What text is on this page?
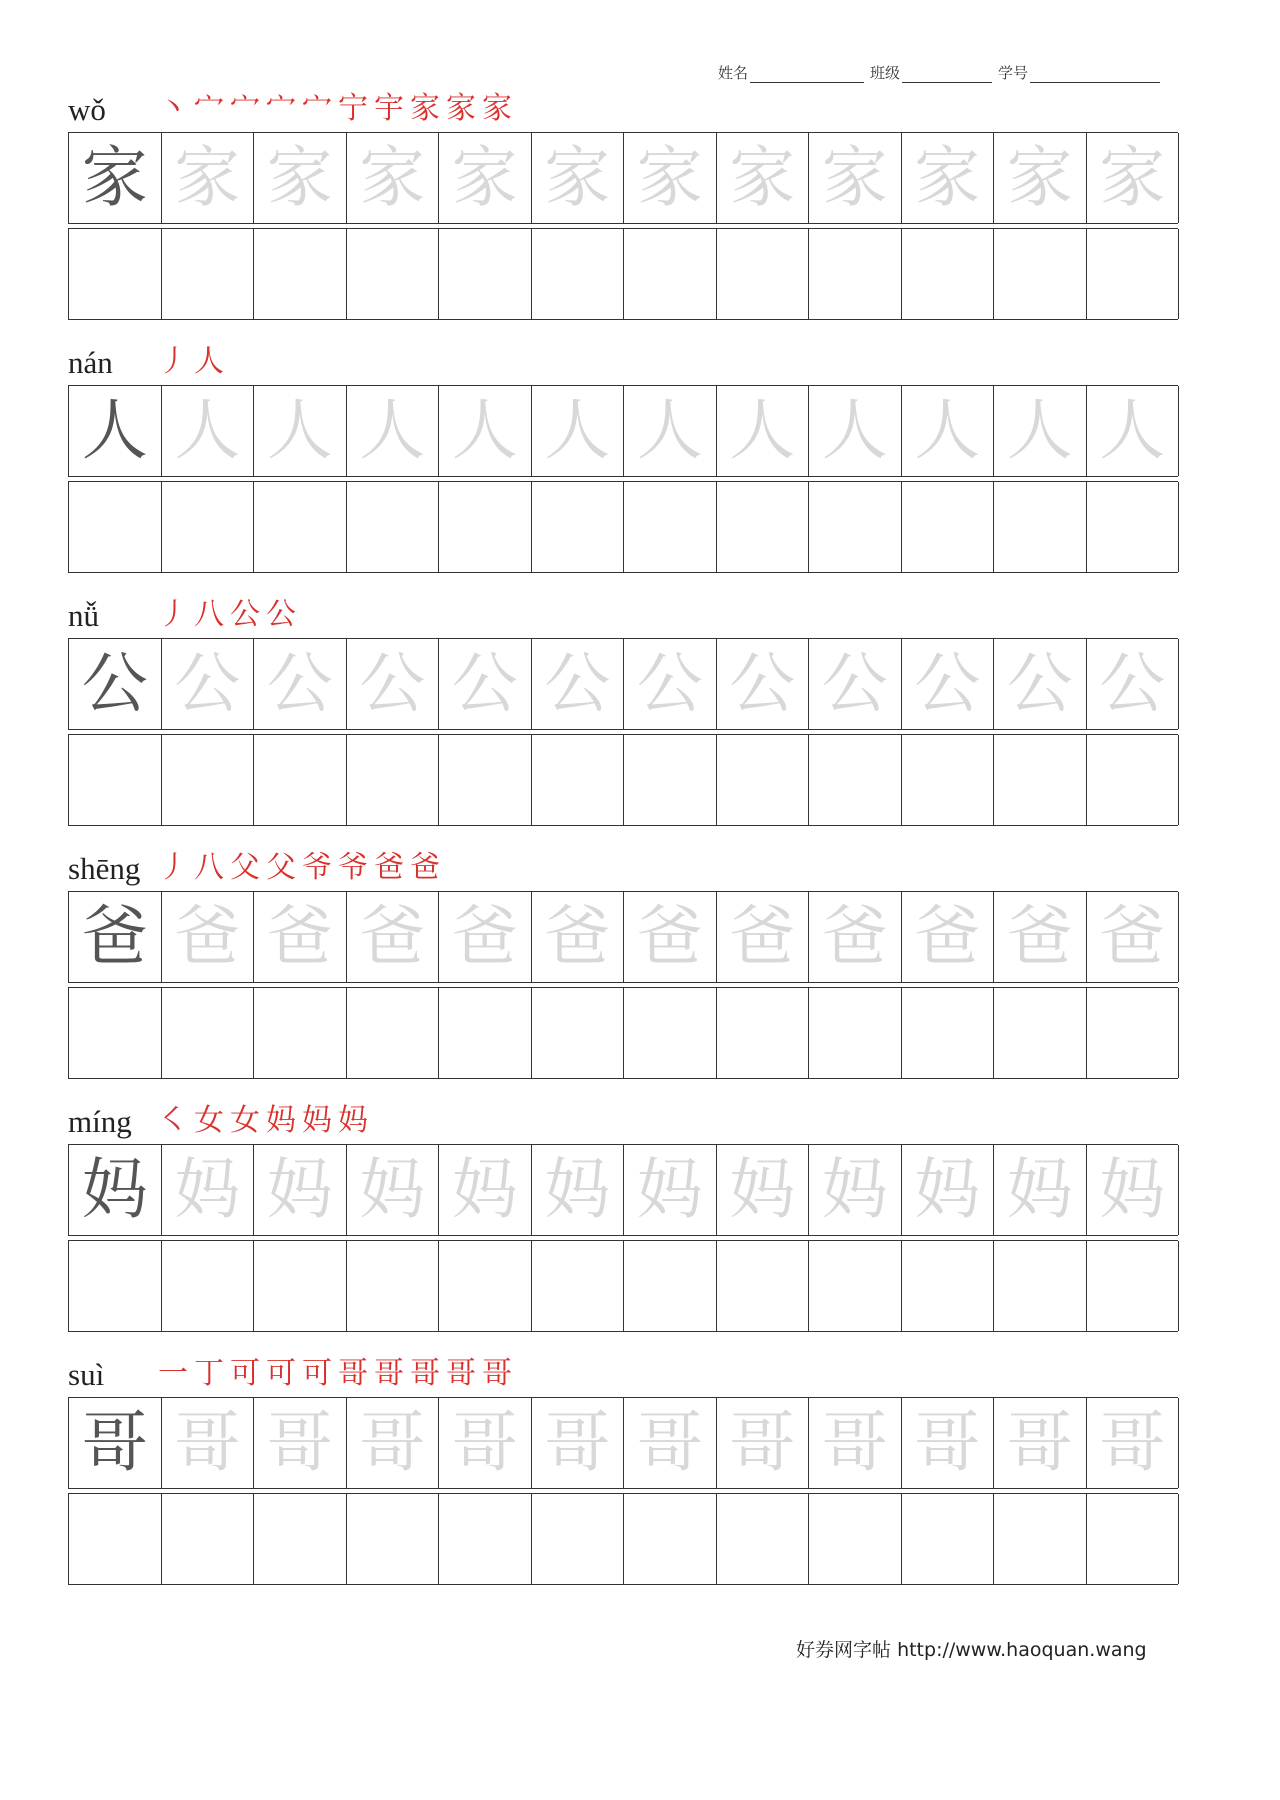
姓名	班级	学号
wǒ 丶 宀 宀 宀 宀 宁 宇 家 家 家
家 家 家 家 家 家 家 家 家 家 家 家
nán 丿 人
人 人 人 人 人 人 人 人 人 人 人 人
nǚ 丿 八 公 公
公 公 公 公 公 公 公 公 公 公 公 公
shēng 丿 八 父 父 爷 爷 爸 爸
爸 爸 爸 爸 爸 爸 爸 爸 爸 爸 爸 爸
míng ㇛ 女 女 妈 妈 妈
妈 妈 妈 妈 妈 妈 妈 妈 妈 妈 妈 妈
suì 一 丁 可 可 可 哥 哥 哥 哥 哥
哥 哥 哥 哥 哥 哥 哥 哥 哥 哥 哥 哥
好券网字帖 http://www.haoquan.wang
